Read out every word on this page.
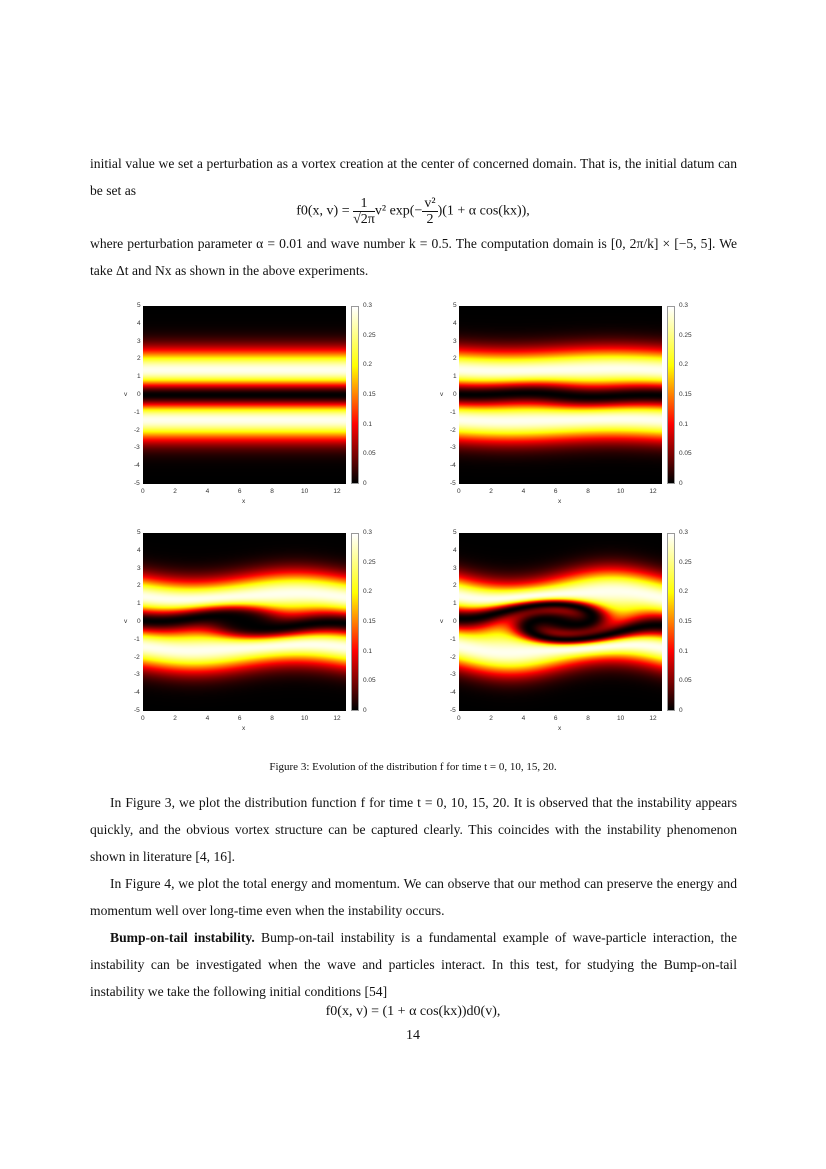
initial value we set a perturbation as a vortex creation at the center of concerned domain. That is, the initial datum can be set as
f0(x, $v) = \frac{1}{√2\pi} v^2$ $\exp(- \frac{\text{v²}}{2} )(1 + \alpha$ cos(kx)),
where perturbation parameter α = 0.01 and wave number k = 0.5. The computation domain is [0, 2π/k] × [−5, 5]. We take Δt and Nx as shown in the above experiments.
5
4
3
2
1
0
-1
-2
-3
-4
-5
0	2	4	6	8	10	12
0.3
0.25
0.2
0.15
0.1
0.05
0
x
v
5
4
3
2
1
0
-1
-2
-3
-4
-5
0	2	4	6	8	10	12
0.3
0.25
0.2
0.15
0.1
0.05
0
x
v
5
4
3
2
1
0
-1
-2
-3
-4
-5
0	2	4	6	8	10	12
0.3
0.25
0.2
0.15
0.1
0.05
0
x
v
5
4
3
2
1
0
-1
-2
-3
-4
-5
0	2	4	6	8	10	12
0.3
0.25
0.2
0.15
0.1
0.05
0
x
v
Figure 3: Evolution of the distribution f for time t = 0, 10, 15, 20.
In Figure 3, we plot the distribution function f for time t = 0, 10, 15, 20. It is observed that the instability appears quickly, and the obvious vortex structure can be captured clearly. This coincides with the instability phenomenon shown in literature [4, 16].
In Figure 4, we plot the total energy and momentum. We can observe that our method can preserve the energy and momentum well over long-time even when the instability occurs.
Bump-on-tail instability. Bump-on-tail instability is a fundamental example of wave-particle interaction, the instability can be investigated when the wave and particles interact. In this test, for studying the Bump-on-tail instability we take the following initial conditions [54]
f0(x, v) = (1 + α cos(kx))d0(v),
14
